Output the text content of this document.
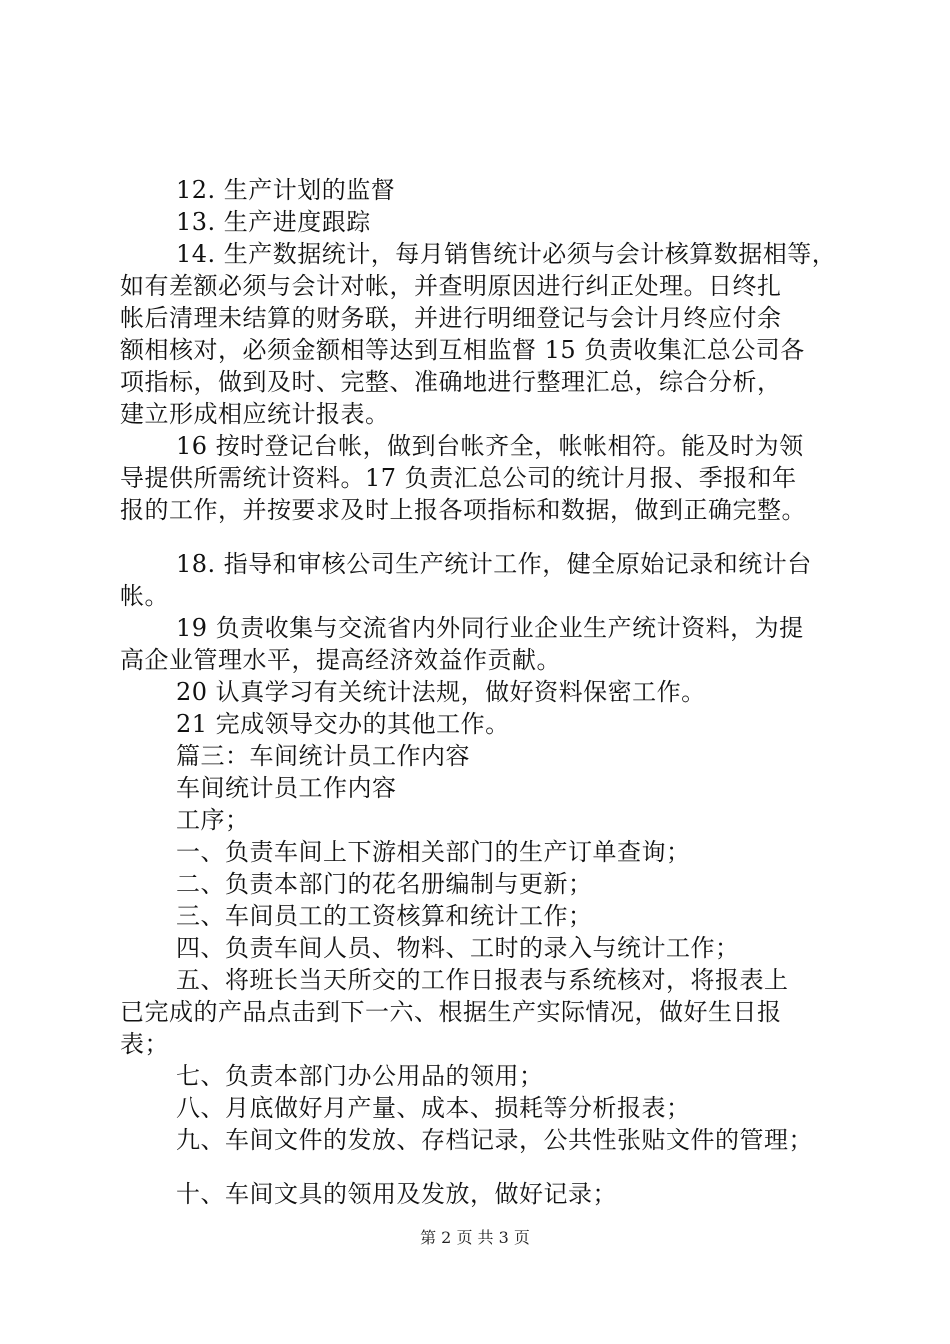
12. 生产计划的监督
13. 生产进度跟踪
14. 生产数据统计，每月销售统计必须与会计核算数据相等，
如有差额必须与会计对帐，并查明原因进行纠正处理。日终扎
帐后清理未结算的财务联，并进行明细登记与会计月终应付余
额相核对，必须金额相等达到互相监督 15 负责收集汇总公司各
项指标，做到及时、完整、准确地进行整理汇总，综合分析，
建立形成相应统计报表。
16 按时登记台帐，做到台帐齐全，帐帐相符。能及时为领
导提供所需统计资料。17 负责汇总公司的统计月报、季报和年
报的工作，并按要求及时上报各项指标和数据，做到正确完整。
18. 指导和审核公司生产统计工作，健全原始记录和统计台
帐。
19 负责收集与交流省内外同行业企业生产统计资料，为提
高企业管理水平，提高经济效益作贡献。
20 认真学习有关统计法规，做好资料保密工作。
21 完成领导交办的其他工作。
篇三：车间统计员工作内容
车间统计员工作内容
工序；
一、负责车间上下游相关部门的生产订单查询；
二、负责本部门的花名册编制与更新；
三、车间员工的工资核算和统计工作；
四、负责车间人员、物料、工时的录入与统计工作；
五、将班长当天所交的工作日报表与系统核对，将报表上
已完成的产品点击到下一六、根据生产实际情况，做好生日报
表；
七、负责本部门办公用品的领用；
八、月底做好月产量、成本、损耗等分析报表；
九、车间文件的发放、存档记录，公共性张贴文件的管理；
十、车间文具的领用及发放，做好记录；
第 2 页 共 3 页
